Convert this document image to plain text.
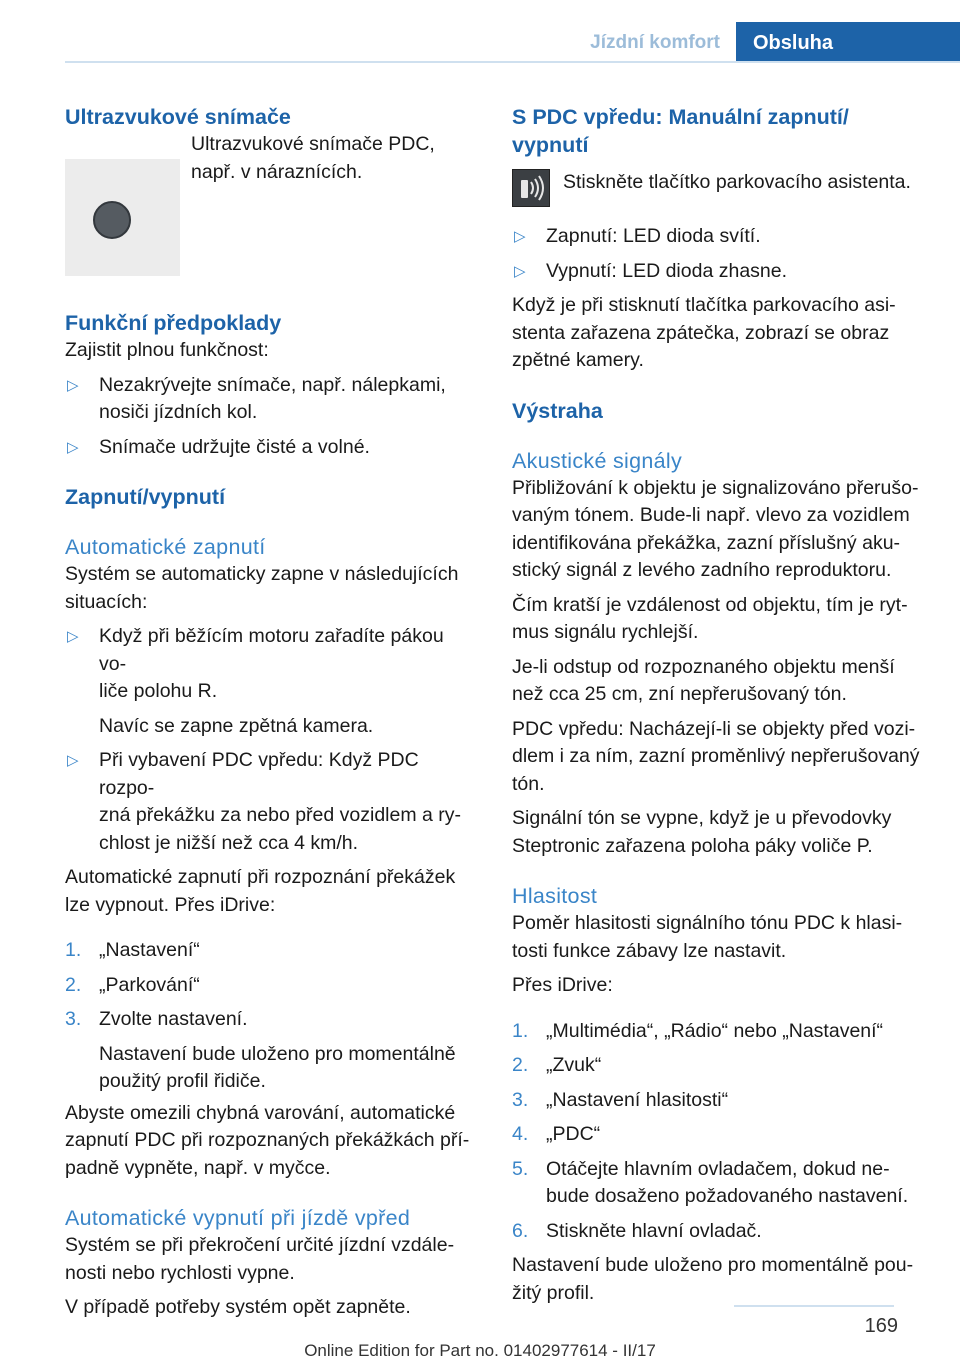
Jízdní komfort	Obsluha
Ultrazvukové snímače
Ultrazvukové snímače PDC,
např. v náraznících.
Funkční předpoklady

Zajistit plnou funkčnost:

▷ Nezakrývejte snímače, např. nálepkami,
nosiči jízdních kol.
▷ Snímače udržujte čisté a volné.
Zapnutí/vypnutí
Automatické zapnutí
Systém se automaticky zapne v následujících
situacích:
▷ Když při běžícím motoru zařadíte pákou vo‐
liče polohu R.
Navíc se zapne zpětná kamera.
▷ Při vybavení PDC vpředu: Když PDC rozpo‐
zná překážku za nebo před vozidlem a ry‐
chlost je nižší než cca 4 km/h.
Automatické zapnutí při rozpoznání překážek
lze vypnout. Přes iDrive:
1. „Nastavení“
2. „Parkování“
3. Zvolte nastavení.
Nastavení bude uloženo pro momentálně
použitý profil řidiče.
Abyste omezili chybná varování, automatické
zapnutí PDC při rozpoznaných překážkách pří‐
padně vypněte, např. v myčce.
Automatické vypnutí při jízdě vpřed
Systém se při překročení určité jízdní vzdále‐
nosti nebo rychlosti vypne.
V případě potřeby systém opět zapněte.
S PDC vpředu: Manuální zapnutí/
vypnutí
Stiskněte tlačítko parkovacího asistenta.
▷ Zapnutí: LED dioda svítí.
▷ Vypnutí: LED dioda zhasne.
Když je při stisknutí tlačítka parkovacího asi‐
stenta zařazena zpátečka, zobrazí se obraz
zpětné kamery.
Výstraha
Akustické signály
Přibližování k objektu je signalizováno přerušo‐
vaným tónem. Bude-li např. vlevo za vozidlem
identifikována překážka, zazní příslušný aku‐
stický signál z levého zadního reproduktoru.
Čím kratší je vzdálenost od objektu, tím je ryt‐
mus signálu rychlejší.
Je-li odstup od rozpoznaného objektu menší
než cca 25 cm, zní nepřerušovaný tón.
PDC vpředu: Nacházejí-li se objekty před vozi‐
dlem i za ním, zazní proměnlivý nepřerušovaný
tón.
Signální tón se vypne, když je u převodovky
Steptronic zařazena poloha páky voliče P.
Hlasitost
Poměr hlasitosti signálního tónu PDC k hlasi‐
tosti funkce zábavy lze nastavit.
Přes iDrive:
1. „Multimédia“, „Rádio“ nebo „Nastavení“
2. „Zvuk“
3. „Nastavení hlasitosti“
4. „PDC“
5. Otáčejte hlavním ovladačem, dokud ne‐
bude dosaženo požadovaného nastavení.
6. Stiskněte hlavní ovladač.
Nastavení bude uloženo pro momentálně pou‐
žitý profil.
169
Online Edition for Part no. 01402977614 - II/17
